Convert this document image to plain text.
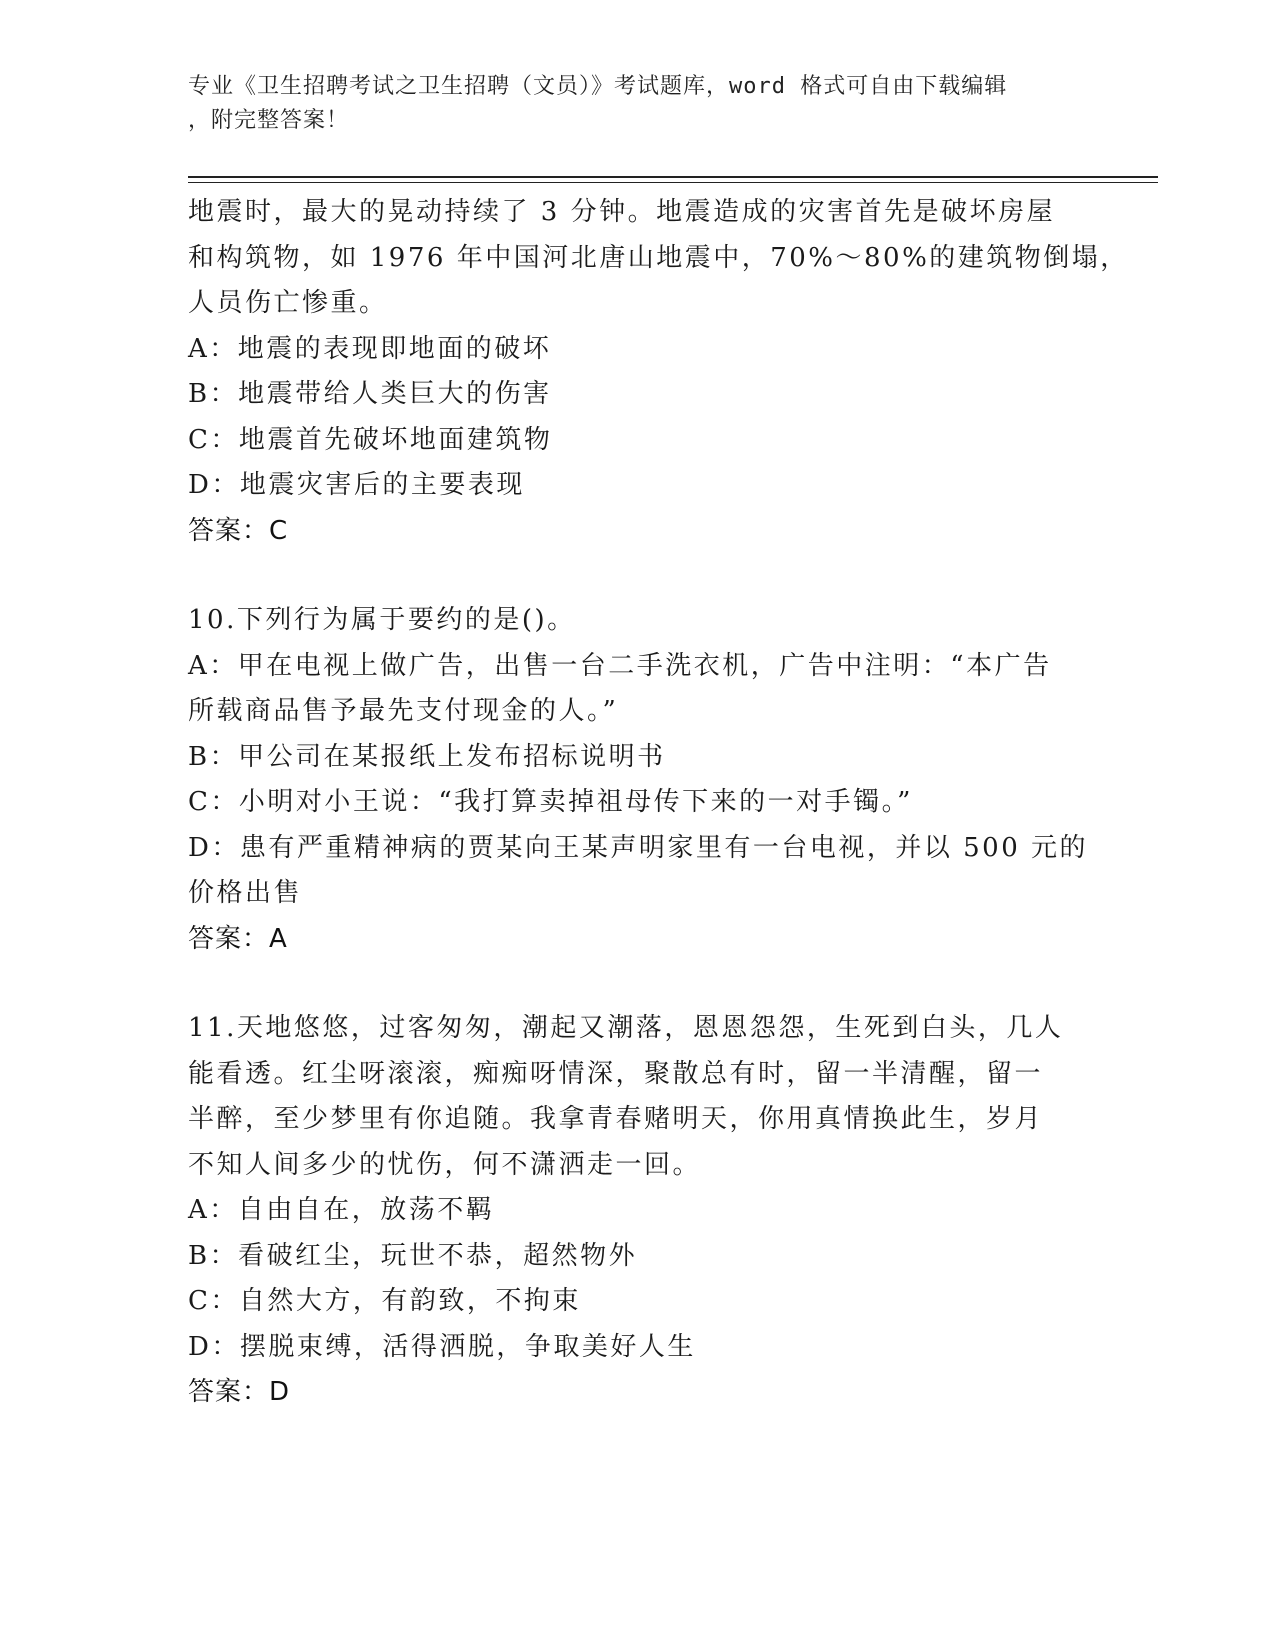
专业《卫生招聘考试之卫生招聘（文员）》考试题库，word 格式可自由下载编辑
，附完整答案！
地震时，最大的晃动持续了 3 分钟。地震造成的灾害首先是破坏房屋
和构筑物，如 1976 年中国河北唐山地震中，70%～80%的建筑物倒塌，
人员伤亡惨重。
A：地震的表现即地面的破坏
B：地震带给人类巨大的伤害
C：地震首先破坏地面建筑物
D：地震灾害后的主要表现
答案：C
10.下列行为属于要约的是()。
A：甲在电视上做广告，出售一台二手洗衣机，广告中注明：“本广告
所载商品售予最先支付现金的人。”
B：甲公司在某报纸上发布招标说明书
C：小明对小王说：“我打算卖掉祖母传下来的一对手镯。”
D：患有严重精神病的贾某向王某声明家里有一台电视，并以 500 元的
价格出售
答案：A
11.天地悠悠，过客匆匆，潮起又潮落，恩恩怨怨，生死到白头，几人
能看透。红尘呀滚滚，痴痴呀情深，聚散总有时，留一半清醒，留一
半醉，至少梦里有你追随。我拿青春赌明天，你用真情换此生，岁月
不知人间多少的忧伤，何不潇洒走一回。
A：自由自在，放荡不羁
B：看破红尘，玩世不恭，超然物外
C：自然大方，有韵致，不拘束
D：摆脱束缚，活得洒脱，争取美好人生
答案：D
